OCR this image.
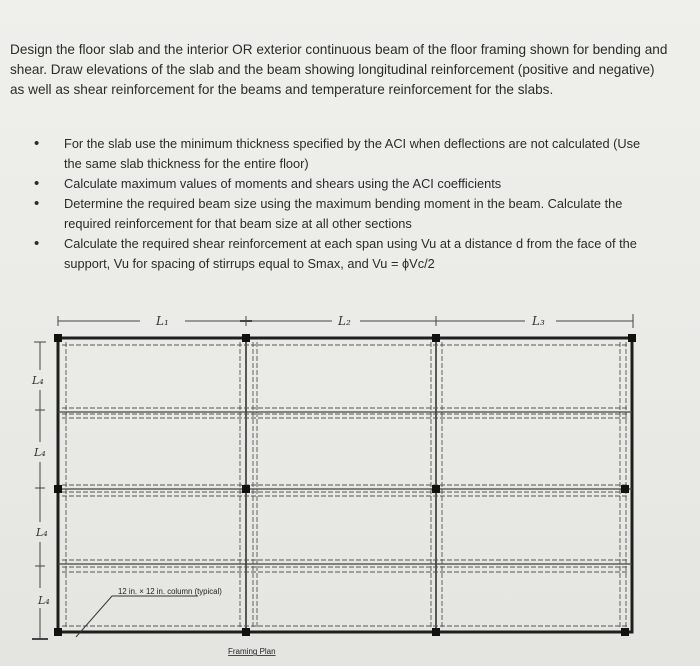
Design the floor slab and the interior OR exterior continuous beam of the floor framing shown for bending and shear. Draw elevations of the slab and the beam showing longitudinal reinforcement (positive and negative) as well as shear reinforcement for the beams and temperature reinforcement for the slabs.

• For the slab use the minimum thickness specified by the ACI when deflections are not calculated (Use the same slab thickness for the entire floor)
• Calculate maximum values of moments and shears using the ACI coefficients
• Determine the required beam size using the maximum bending moment in the beam. Calculate the required reinforcement for that beam size at all other sections
• Calculate the required shear reinforcement at each span using Vu at a distance d from the face of the support, Vu for spacing of stirrups equal to Smax, and Vu = ϕVc/2
L₁	L₂	L₃
L₄
L₄
L₄
L₄
12 in. × 12 in. column (typical)
Framing Plan
